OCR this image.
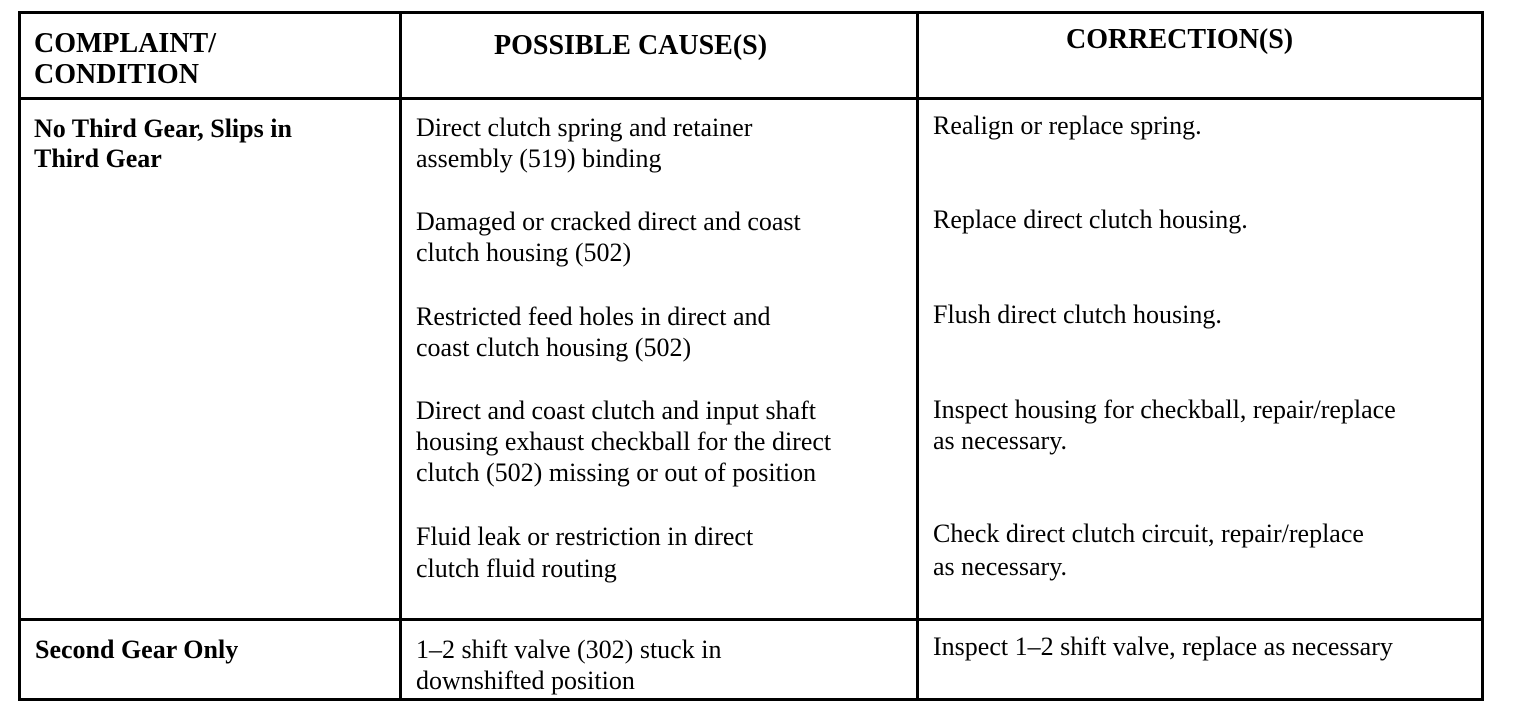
COMPLAINT/
CONDITION
POSSIBLE CAUSE(S)	CORRECTION(S)
No Third Gear, Slips in
Third Gear
Direct clutch spring and retainer
assembly (519) binding
Realign or replace spring.
Damaged or cracked direct and coast
clutch housing (502)
Replace direct clutch housing.
Restricted feed holes in direct and
coast clutch housing (502)
Flush direct clutch housing.
Direct and coast clutch and input shaft
housing exhaust checkball for the direct
clutch (502) missing or out of position
Inspect housing for checkball, repair/replace
as necessary.
Fluid leak or restriction in direct
clutch fluid routing
Check direct clutch circuit, repair/replace
as necessary.
Second Gear Only	1–2 shift valve (302) stuck in
downshifted position
Inspect 1–2 shift valve, replace as necessary
